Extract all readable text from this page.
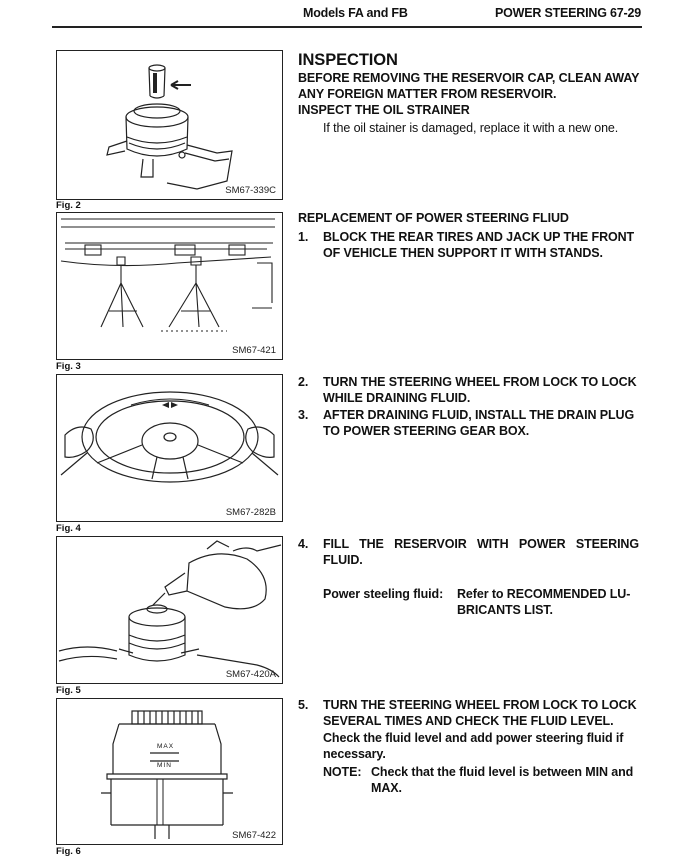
Models FA and FB	POWER STEERING 67-29
SM67-339C
Fig. 2
SM67-421
Fig. 3
SM67-282B
Fig. 4
SM67-420A
Fig. 5
MAX
MIN
SM67-422
Fig. 6
INSPECTION
BEFORE REMOVING THE RESERVOIR CAP, CLEAN AWAY
ANY FOREIGN MATTER FROM RESERVOIR.
INSPECT THE OIL STRAINER
If the oil stainer is damaged, replace it with a new one.
REPLACEMENT OF POWER STEERING FLIUD
1. BLOCK THE REAR TIRES AND JACK UP THE FRONT
OF VEHICLE THEN SUPPORT IT WITH STANDS.
2. TURN THE STEERING WHEEL FROM LOCK TO LOCK
WHILE DRAINING FLUID.
3. AFTER DRAINING FLUID, INSTALL THE DRAIN PLUG
TO POWER STEERING GEAR BOX.
4. FILL THE RESERVOIR WITH POWER STEERING
FLUID.
Power steeling fluid: Refer to RECOMMENDED LU-
BRICANTS LIST.
5. TURN THE STEERING WHEEL FROM LOCK TO LOCK
SEVERAL TIMES AND CHECK THE FLUID LEVEL.
Check the fluid level and add power steering fluid if
necessary.
NOTE: Check that the fluid level is between MIN and
MAX.
